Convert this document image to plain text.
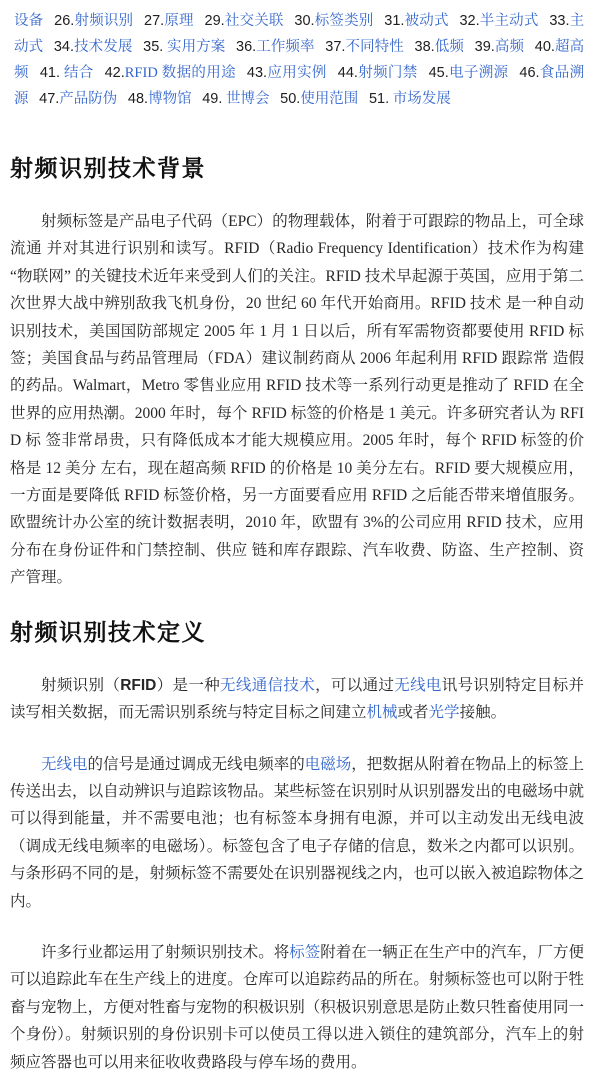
设备 26.射频识别 27.原理 29.社交关联 30.标签类别 31.被动式 32.半主动式 33.主动式 34.技术发展 35. 实用方案 36.工作频率 37.不同特性 38.低频 39.高频 40.超高频 41. 结合 42.RFID 数据的用途 43.应用实例 44.射频门禁 45.电子溯源 46.食品溯源 47.产品防伪 48.博物馆 49. 世博会 50.使用范围 51. 市场发展
射频识别技术背景

射频标签是产品电子代码（EPC）的物理载体，附着于可跟踪的物品上，可全球流通 并对其进行识别和读写。RFID（Radio Frequency Identification）技术作为构建“物联网” 的关键技术近年来受到人们的关注。RFID 技术早起源于英国，应用于第二次世界大战中辨别敌我飞机身份，20 世纪 60 年代开始商用。RFID 技术 是一种自动识别技术，美国国防部规定 2005 年 1 月 1 日以后，所有军需物资都要使用 RFID 标签；美国食品与药品管理局（FDA）建议制药商从 2006 年起利用 RFID 跟踪常 造假的药品。Walmart，Metro 零售业应用 RFID 技术等一系列行动更是推动了 RFID 在全 世界的应用热潮。2000 年时，每个 RFID 标签的价格是 1 美元。许多研究者认为 RFID 标 签非常昂贵，只有降低成本才能大规模应用。2005 年时，每个 RFID 标签的价格是 12 美分 左右，现在超高频 RFID 的价格是 10 美分左右。RFID 要大规模应用，一方面是要降低 RFID 标签价格，另一方面要看应用 RFID 之后能否带来增值服务。欧盟统计办公室的统计数据表明，2010 年，欧盟有 3%的公司应用 RFID 技术，应用分布在身份证件和门禁控制、供应 链和库存跟踪、汽车收费、防盗、生产控制、资产管理。

射频识别技术定义

射频识别（RFID）是一种无线通信技术，可以通过无线电讯号识别特定目标并读写相关数据，而无需识别系统与特定目标之间建立机械或者光学接触。

无线电的信号是通过调成无线电频率的电磁场，把数据从附着在物品上的标签上传送出去，以自动辨识与追踪该物品。某些标签在识别时从识别器发出的电磁场中就可以得到能量，并不需要电池；也有标签本身拥有电源，并可以主动发出无线电波（调成无线电频率的电磁场）。标签包含了电子存储的信息，数米之内都可以识别。与条形码不同的是，射频标签不需要处在识别器视线之内，也可以嵌入被追踪物体之内。

许多行业都运用了射频识别技术。将标签附着在一辆正在生产中的汽车，厂方便可以追踪此车在生产线上的进度。仓库可以追踪药品的所在。射频标签也可以附于牲畜与宠物上，方便对牲畜与宠物的积极识别（积极识别意思是防止数只牲畜使用同一个身份）。射频识别的身份识别卡可以使员工得以进入锁住的建筑部分，汽车上的射频应答器也可以用来征收收费路段与停车场的费用。
